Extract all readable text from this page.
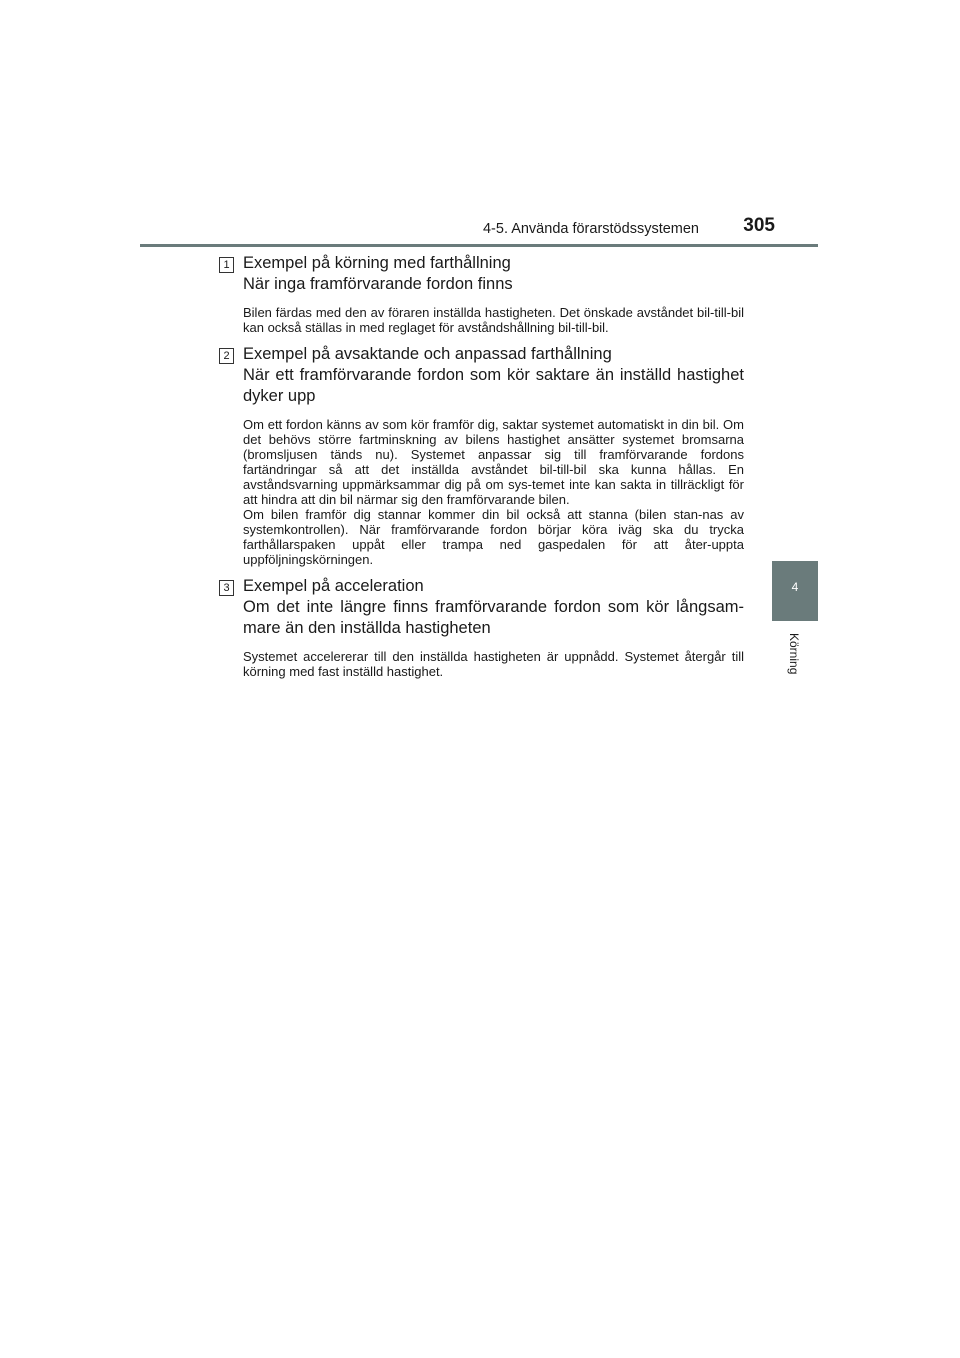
4-5. Använda förarstödssystemen 305
4
Körning
1 Exempel på körning med farthållning
När inga framförvarande fordon finns
Bilen färdas med den av föraren inställda hastigheten. Det önskade avståndet bil-till-bil kan också ställas in med reglaget för avståndshållning bil-till-bil.
2 Exempel på avsaktande och anpassad farthållning
När ett framförvarande fordon som kör saktare än inställd hastighet dyker upp
Om ett fordon känns av som kör framför dig, saktar systemet automatiskt in din bil. Om det behövs större fartminskning av bilens hastighet ansätter systemet bromsarna (bromsljusen tänds nu). Systemet anpassar sig till framförvarande fordons fartändringar så att det inställda avståndet bil-till-bil ska kunna hållas. En avståndsvarning uppmärksammar dig på om sys-temet inte kan sakta in tillräckligt för att hindra att din bil närmar sig den framförvarande bilen.
Om bilen framför dig stannar kommer din bil också att stanna (bilen stan-nas av systemkontrollen). När framförvarande fordon börjar köra iväg ska du trycka farthållarspaken uppåt eller trampa ned gaspedalen för att åter-uppta uppföljningskörningen.
3 Exempel på acceleration
Om det inte längre finns framförvarande fordon som kör långsam-mare än den inställda hastigheten
Systemet accelererar till den inställda hastigheten är uppnådd. Systemet återgår till körning med fast inställd hastighet.
